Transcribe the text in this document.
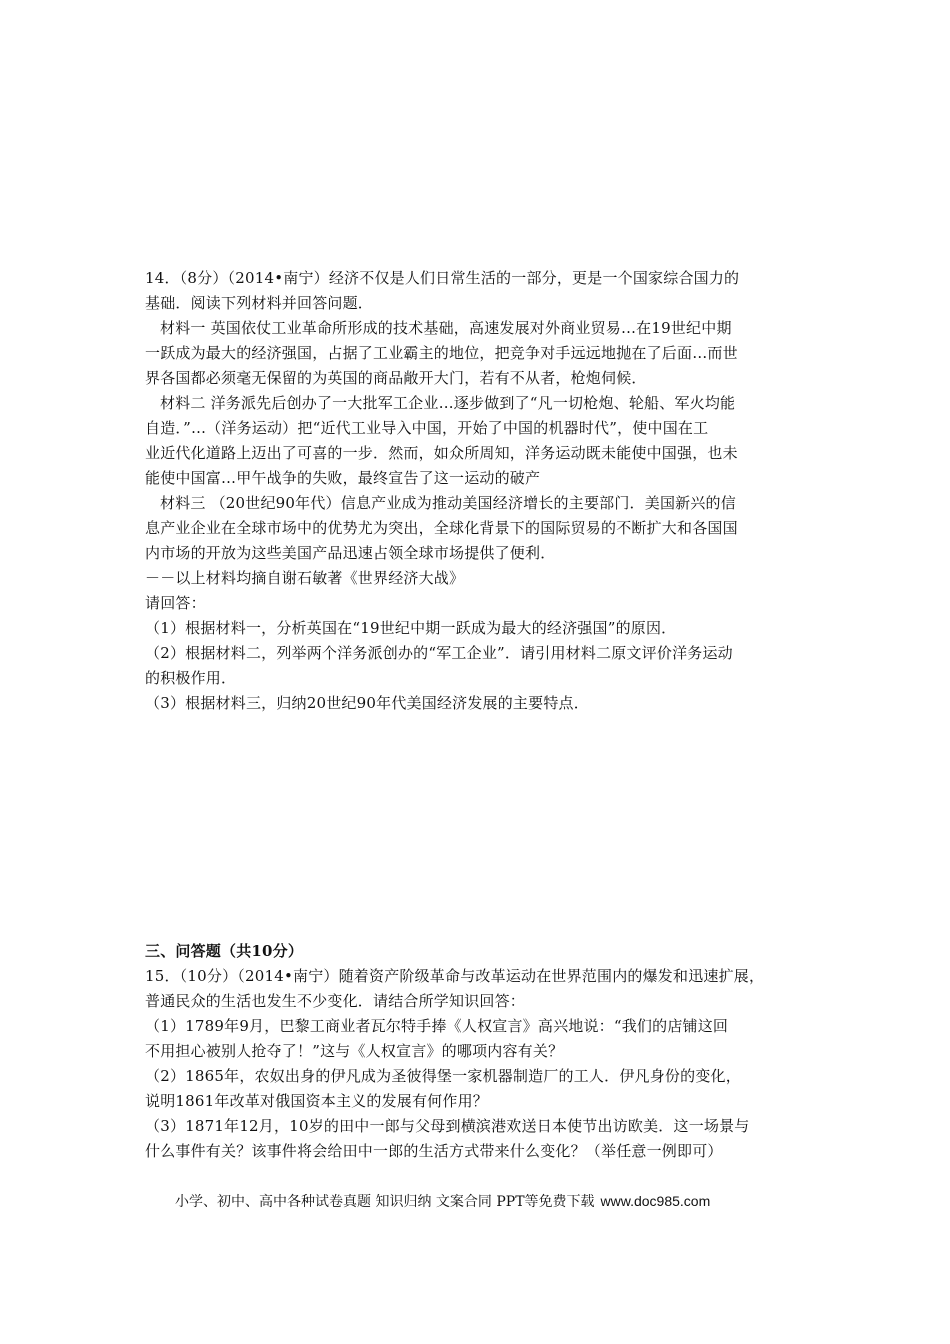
14．（8分）（2014•南宁）经济不仅是人们日常生活的一部分，更是一个国家综合国力的
基础．阅读下列材料并回答问题．
材料一 英国依仗工业革命所形成的技术基础，高速发展对外商业贸易…在19世纪中期
一跃成为最大的经济强国，占据了工业霸主的地位，把竞争对手远远地抛在了后面…而世
界各国都必须毫无保留的为英国的商品敞开大门，若有不从者，枪炮伺候．
材料二 洋务派先后创办了一大批军工企业…逐步做到了“凡一切枪炮、轮船、军火均能
自造．”…（洋务运动）把“近代工业导入中国，开始了中国的机器时代”，使中国在工
业近代化道路上迈出了可喜的一步．然而，如众所周知，洋务运动既未能使中国强，也未
能使中国富…甲午战争的失败，最终宣告了这一运动的破产
材料三 （20世纪90年代）信息产业成为推动美国经济增长的主要部门．美国新兴的信
息产业企业在全球市场中的优势尤为突出，全球化背景下的国际贸易的不断扩大和各国国
内市场的开放为这些美国产品迅速占领全球市场提供了便利．
－－以上材料均摘自谢石敏著《世界经济大战》
请回答：
（1）根据材料一，分析英国在“19世纪中期一跃成为最大的经济强国”的原因．
（2）根据材料二，列举两个洋务派创办的“军工企业”．请引用材料二原文评价洋务运动
的积极作用．
（3）根据材料三，归纳20世纪90年代美国经济发展的主要特点．
三、问答题（共10分）
15．（10分）（2014•南宁）随着资产阶级革命与改革运动在世界范围内的爆发和迅速扩展，
普通民众的生活也发生不少变化．请结合所学知识回答：
（1）1789年9月，巴黎工商业者瓦尔特手捧《人权宣言》高兴地说：“我们的店铺这回
不用担心被别人抢夺了！”这与《人权宣言》的哪项内容有关？
（2）1865年，农奴出身的伊凡成为圣彼得堡一家机器制造厂的工人．伊凡身份的变化，
说明1861年改革对俄国资本主义的发展有何作用？
（3）1871年12月，10岁的田中一郎与父母到横滨港欢送日本使节出访欧美．这一场景与
什么事件有关？该事件将会给田中一郎的生活方式带来什么变化？（举任意一例即可）
小学、初中、高中各种试卷真题 知识归纳 文案合同 PPT等免费下载 www.doc985.com
